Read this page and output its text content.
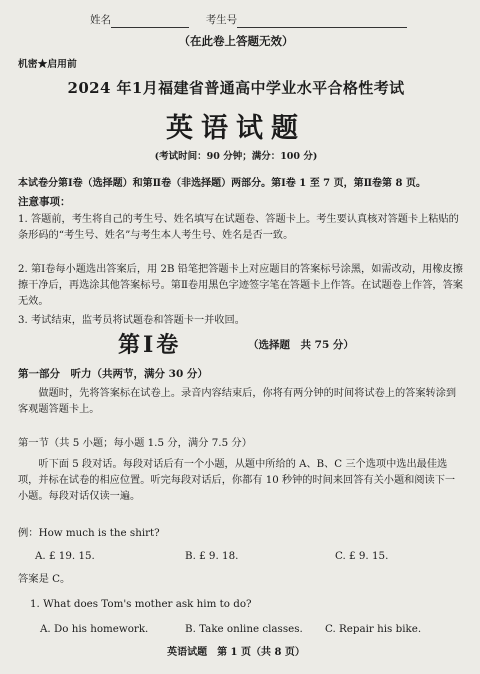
姓名	考生号
（在此卷上答题无效）
机密★启用前
2024 年1月福建省普通高中学业水平合格性考试
英语试题
(考试时间：90 分钟；满分：100 分)
本试卷分第Ⅰ卷（选择题）和第Ⅱ卷（非选择题）两部分。第Ⅰ卷 1 至 7 页，第Ⅱ卷第 8 页。
注意事项：
1. 答题前，考生将自己的考生号、姓名填写在试题卷、答题卡上。考生要认真核对答题卡上粘贴的条形码的“考生号、姓名”与考生本人考生号、姓名是否一致。
2. 第Ⅰ卷每小题选出答案后，用 2B 铅笔把答题卡上对应题目的答案标号涂黑，如需改动，用橡皮擦擦干净后，再选涂其他答案标号。第Ⅱ卷用黑色字迹签字笔在答题卡上作答。在试题卷上作答，答案无效。
3. 考试结束，监考员将试题卷和答题卡一并收回。
第Ⅰ卷	（选择题　共 75 分）
第一部分　听力（共两节，满分 30 分）
做题时，先将答案标在试卷上。录音内容结束后，你将有两分钟的时间将试卷上的答案转涂到客观题答题卡上。
第一节（共 5 小题；每小题 1.5 分，满分 7.5 分）
听下面 5 段对话。每段对话后有一个小题，从题中所给的 A、B、C 三个选项中选出最佳选项，并标在试卷的相应位置。听完每段对话后，你都有 10 秒钟的时间来回答有关小题和阅读下一小题。每段对话仅读一遍。
例：How much is the shirt?
A. £ 19. 15.	B. £ 9. 18.	C. £ 9. 15.
答案是 C。
1. What does Tom's mother ask him to do?
A. Do his homework.	B. Take online classes.	C. Repair his bike.
英语试题　第 1 页（共 8 页）
